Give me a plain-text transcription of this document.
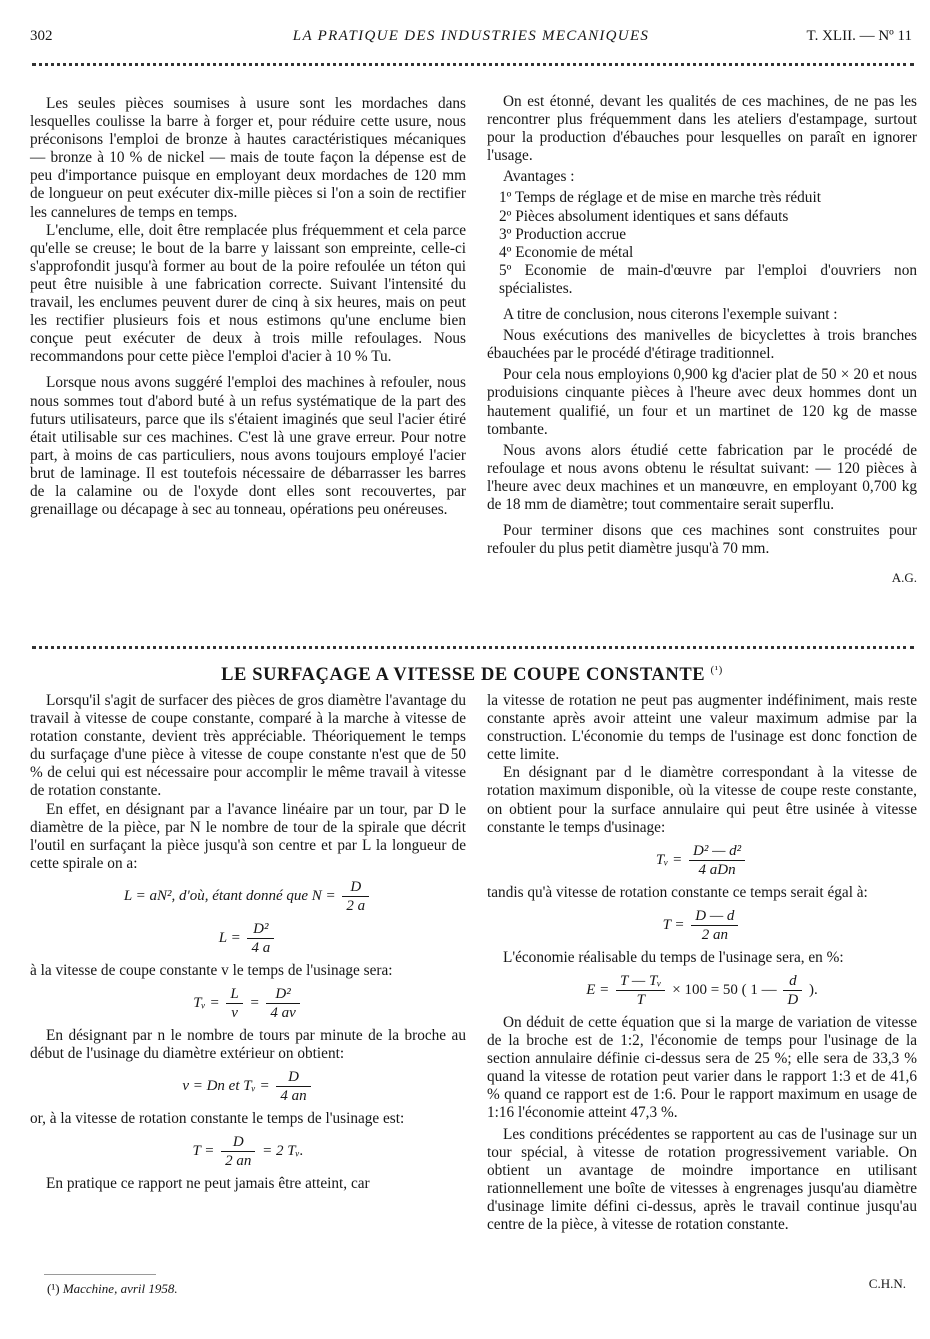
302	LA PRATIQUE DES INDUSTRIES MECANIQUES	T. XLII. — Nº 11

Les seules pièces soumises à usure sont les mordaches dans lesquelles coulisse la barre à forger et, pour réduire cette usure, nous préconisons l'emploi de bronze à hautes caractéristiques mécaniques — bronze à 10 % de nickel — mais de toute façon la dépense est de peu d'importance puisque en employant deux mordaches de 120 mm de longueur on peut exécuter dix-mille pièces si l'on a soin de rectifier les cannelures de temps en temps.

L'enclume, elle, doit être remplacée plus fréquemment et cela parce qu'elle se creuse; le bout de la barre y laissant son empreinte, celle-ci s'approfondit jusqu'à former au bout de la poire refoulée un téton qui peut être nuisible à une fabrication correcte. Suivant l'intensité du travail, les enclumes peuvent durer de cinq à six heures, mais on peut les rectifier plusieurs fois et nous estimons qu'une enclume bien conçue peut exécuter de deux à trois mille refoulages. Nous recommandons pour cette pièce l'emploi d'acier à 10 % Tu.

Lorsque nous avons suggéré l'emploi des machines à refouler, nous nous sommes tout d'abord buté à un refus systématique de la part des futurs utilisateurs, parce que ils s'étaient imaginés que seul l'acier étiré était utilisable sur ces machines. C'est là une grave erreur. Pour notre part, à moins de cas particuliers, nous avons toujours employé l'acier brut de laminage. Il est toutefois nécessaire de débarrasser les barres de la calamine ou de l'oxyde dont elles sont recouvertes, par grenaillage ou décapage à sec au tonneau, opérations peu onéreuses.

On est étonné, devant les qualités de ces machines, de ne pas les rencontrer plus fréquemment dans les ateliers d'estampage, surtout pour la production d'ébauches pour lesquelles on paraît en ignorer l'usage.

Avantages :

1º Temps de réglage et de mise en marche très réduit
2º Pièces absolument identiques et sans défauts
3º Production accrue
4º Economie de métal
5º Economie de main-d'œuvre par l'emploi d'ouvriers non spécialistes.

A titre de conclusion, nous citerons l'exemple suivant :

Nous exécutions des manivelles de bicyclettes à trois branches ébauchées par le procédé d'étirage traditionnel.

Pour cela nous employions 0,900 kg d'acier plat de 50 × 20 et nous produisions cinquante pièces à l'heure avec deux hommes dont un hautement qualifié, un four et un martinet de 120 kg de masse tombante.

Nous avons alors étudié cette fabrication par le procédé de refoulage et nous avons obtenu le résultat suivant: — 120 pièces à l'heure avec deux machines et un manœuvre, en employant 0,700 kg de 18 mm de diamètre; tout commentaire serait superflu.

Pour terminer disons que ces machines sont construites pour refouler du plus petit diamètre jusqu'à 70 mm.

A.G.
LE SURFAÇAGE A VITESSE DE COUPE CONSTANTE $^{(^1)}$

Lorsqu'il s'agit de surfacer des pièces de gros diamètre l'avantage du travail à vitesse de coupe constante, comparé à la marche à vitesse de rotation constante, devient très appréciable. Théoriquement le temps du surfaçage d'une pièce à vitesse de coupe constante n'est que de 50 % de celui qui est nécessaire pour accomplir le même travail à vitesse de rotation constante.

En effet, en désignant par a l'avance linéaire par un tour, par D le diamètre de la pièce, par N le nombre de tour de la spirale que décrit l'outil en surfaçant la pièce jusqu'à son centre et par L la longueur de cette spirale on a:

L = aN², d'où, étant donné que $N = \frac{D}{2 a}$
$L = \frac{\text{D²}}{4 a}$

à la vitesse de coupe constante v le temps de l'usinage sera:

Tᵥ = $\frac{L}{v} = \frac{\text{D²}}{4 av}$

En désignant par n le nombre de tours par minute de la broche au début de l'usinage du diamètre extérieur on obtient:

v = Dn et Tᵥ = $\frac{D}{4 an}$

or, à la vitesse de rotation constante le temps de l'usinage est:

$T = \frac{D}{2 an} = 2$ Tᵥ.

En pratique ce rapport ne peut jamais être atteint, car

la vitesse de rotation ne peut pas augmenter indéfiniment, mais reste constante après avoir atteint une valeur maximum admise par la construction. L'économie du temps de l'usinage est donc fonction de cette limite.

En désignant par d le diamètre correspondant à la vitesse de rotation maximum disponible, où la vitesse de coupe reste constante, on obtient pour la surface annulaire qui peut être usinée à vitesse constante le temps d'usinage:

Tᵥ = $\frac{\text{D² — d²}}{\text{4 aDn}}$

tandis qu'à vitesse de rotation constante ce temps serait égal à:

$T = \frac{D — d}{2 an}$

L'économie réalisable du temps de l'usinage sera, en %:

$E = \frac{\text{T — Tᵥ}}{T} \times 100 = 50$ ( 1 — $\frac{d}{D}$ ).

On déduit de cette équation que si la marge de variation de vitesse de la broche est de 1:2, l'économie de temps pour l'usinage de la section annulaire définie ci-dessus sera de 25 %; elle sera de 33,3 % quand la vitesse de rotation peut varier dans le rapport 1:3 et de 41,6 % quand ce rapport est de 1:6. Pour le rapport maximum en usage de 1:16 l'économie atteint 47,3 %.

Les conditions précédentes se rapportent au cas de l'usinage sur un tour spécial, à vitesse de rotation progressivement variable. On obtient un avantage de moindre importance en utilisant rationnellement une boîte de vitesses à engrenages jusqu'au diamètre d'usinage limite défini ci-dessus, après le travail continue jusqu'au centre de la pièce, à vitesse de rotation constante.

(¹) Macchine, avril 1958.	C.H.N.
